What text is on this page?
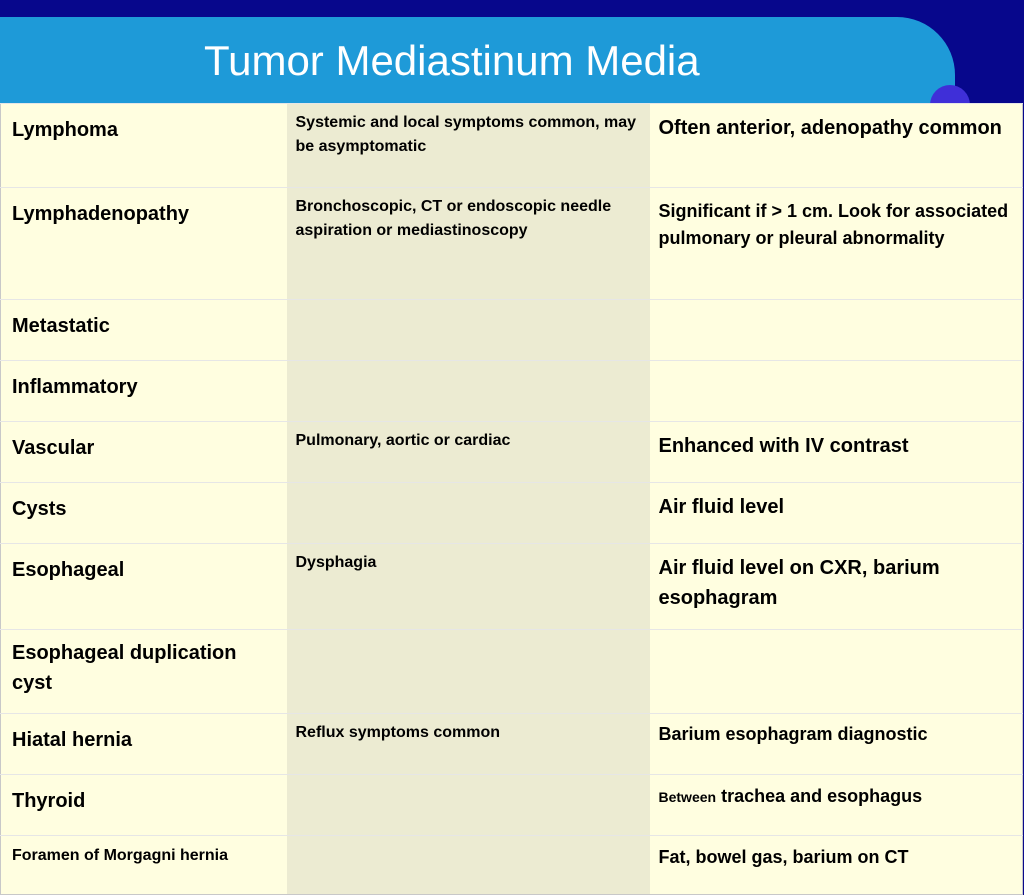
Tumor Mediastinum Media
Lymphoma	Systemic and local symptoms common, may be asymptomatic	Often anterior, adenopathy common

Lymphadenopathy	Bronchoscopic, CT or endoscopic needle aspiration or mediastinoscopy	Significant if > 1 cm. Look for associated pulmonary or pleural abnormality

Metastatic		

Inflammatory		

Vascular	Pulmonary, aortic or cardiac	Enhanced with IV contrast

Cysts		Air fluid level

Esophageal	Dysphagia	Air fluid level on CXR, barium esophagram

Esophageal duplication cyst		

Hiatal hernia	Reflux symptoms common	Barium esophagram diagnostic

Thyroid		Between trachea and esophagus

Foramen of Morgagni hernia		Fat, bowel gas, barium on CT
